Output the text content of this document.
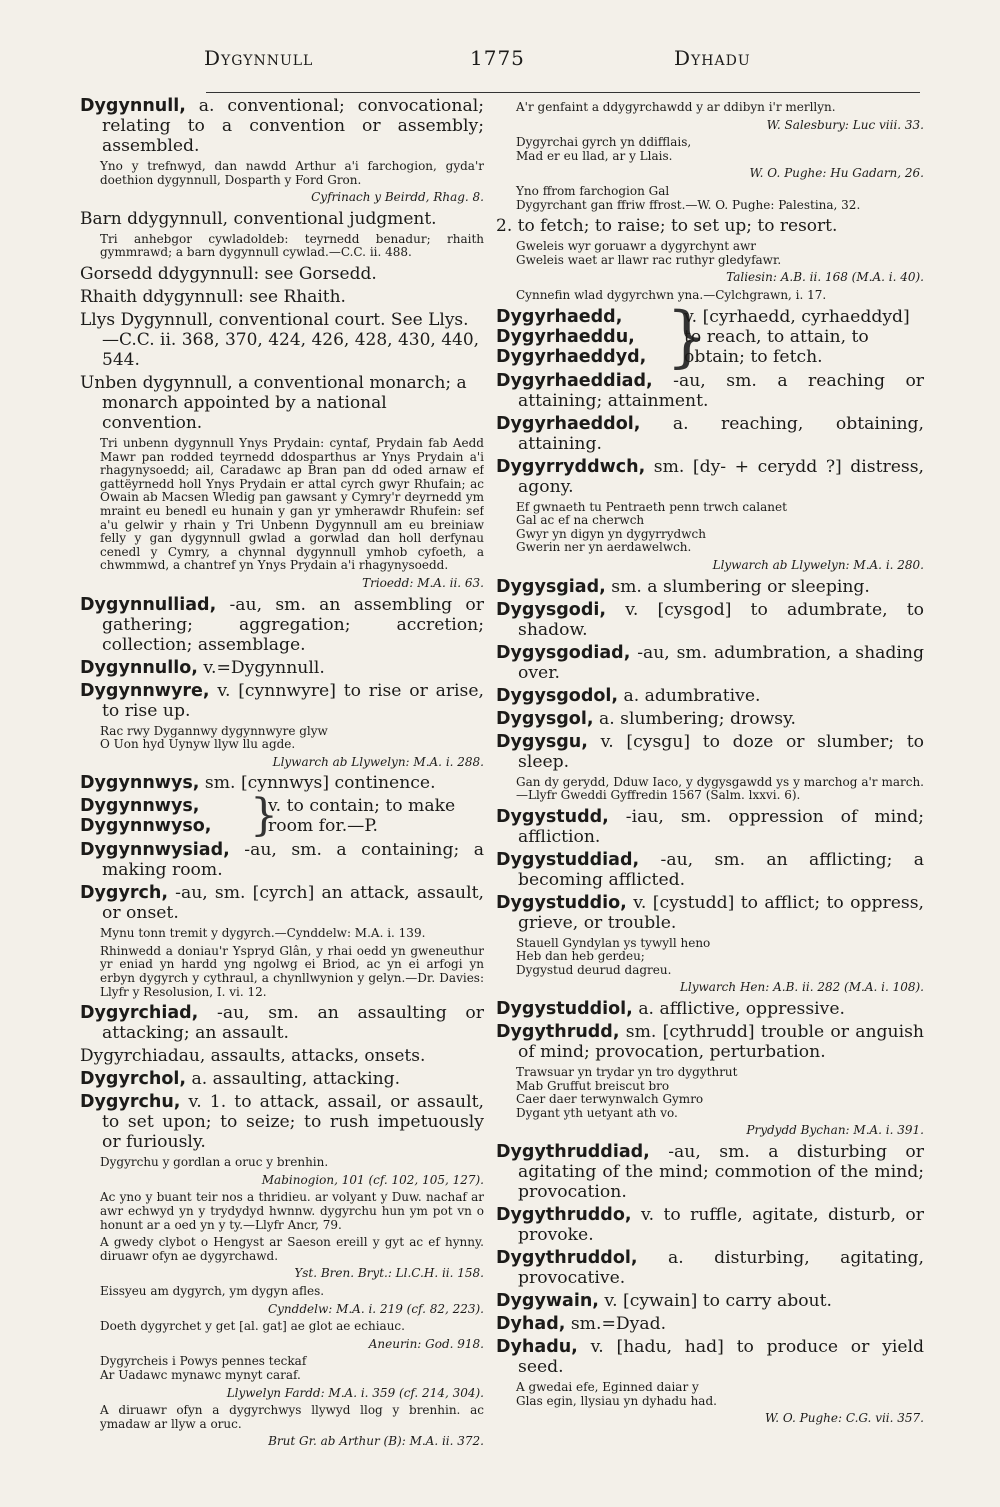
Dygynnull	1775	Dyhadu
Dygynnull, a. conventional; convocational; relating to a convention or assembly; assembled.
Yno y trefnwyd, dan nawdd Arthur a'i farchogion, gyda'r doethion dygynnull, Dosparth y Ford Gron.
Cyfrinach y Beirdd, Rhag. 8.
Barn ddygynnull, conventional judgment.
Tri anhebgor cywladoldeb: teyrnedd benadur; rhaith gymmrawd; a barn dygynnull cywlad.—C.C. ii. 488.
Gorsedd ddygynnull: see Gorsedd.
Rhaith ddygynnull: see Rhaith.
Llys Dygynnull, conventional court. See Llys. —C.C. ii. 368, 370, 424, 426, 428, 430, 440, 544.
Unben dygynnull, a conventional monarch; a monarch appointed by a national convention.
Tri unbenn dygynnull Ynys Prydain: cyntaf, Prydain fab Aedd Mawr pan rodded teyrnedd ddosparthus ar Ynys Prydain a'i rhagynysoedd; ail, Caradawc ap Bran pan dd oded arnaw ef gattëyrnedd holl Ynys Prydain er attal cyrch gwyr Rhufain; ac Owain ab Macsen Wledig pan gawsant y Cymry'r deyrnedd ym mraint eu benedl eu hunain y gan yr ymherawdr Rhufein: sef a'u gelwir y rhain y Tri Unbenn Dygynnull am eu breiniaw felly y gan dygynnull gwlad a gorwlad dan holl derfynau cenedl y Cymry, a chynnal dygynnull ymhob cyfoeth, a chwmmwd, a chantref yn Ynys Prydain a'i rhagynysoedd.
Trioedd: M.A. ii. 63.
Dygynnulliad, -au, sm. an assembling or gathering; aggregation; accretion; collection; assemblage.
Dygynnullo, v.=Dygynnull.
Dygynnwyre, v. [cynnwyre] to rise or arise, to rise up.
Rac rwy Dygannwy dygynnwyre glyw
O Uon hyd Uynyw llyw llu agde.
Llywarch ab Llywelyn: M.A. i. 288.
Dygynnwys, sm. [cynnwys] continence.
Dygynnwys,
Dygynnwyso, }
v. to contain; to make room for.—P.
Dygynnwysiad, -au, sm. a containing; a making room.
Dygyrch, -au, sm. [cyrch] an attack, assault, or onset.
Mynu tonn tremit y dygyrch.—Cynddelw: M.A. i. 139.
Rhinwedd a doniau'r Yspryd Glân, y rhai oedd yn gweneuthur yr eniad yn hardd yng ngolwg ei Briod, ac yn ei arfogi yn erbyn dygyrch y cythraul, a chynllwynion y gelyn.—Dr. Davies: Llyfr y Resolusion, I. vi. 12.
Dygyrchiad, -au, sm. an assaulting or attacking; an assault.
Dygyrchiadau, assaults, attacks, onsets.
Dygyrchol, a. assaulting, attacking.
Dygyrchu, v. 1. to attack, assail, or assault, to set upon; to seize; to rush impetuously or furiously.
Dygyrchu y gordlan a oruc y brenhin.
Mabinogion, 101 (cf. 102, 105, 127).
Ac yno y buant teir nos a thridieu. ar volyant y Duw. nachaf ar awr echwyd yn y trydydyd hwnnw. dygyrchu hun ym pot vn o honunt ar a oed yn y ty.—Llyfr Ancr, 79.
A gwedy clybot o Hengyst ar Saeson ereill y gyt ac ef hynny. diruawr ofyn ae dygyrchawd.
Yst. Bren. Bryt.: Ll.C.H. ii. 158.
Eissyeu am dygyrch, ym dygyn afles.
Cynddelw: M.A. i. 219 (cf. 82, 223).
Doeth dygyrchet y get [al. gat] ae glot ae echiauc.
Aneurin: God. 918.
Dygyrcheis i Powys pennes teckaf
Ar Uadawc mynawc mynyt caraf.
Llywelyn Fardd: M.A. i. 359 (cf. 214, 304).
A diruawr ofyn a dygyrchwys llywyd llog y brenhin. ac ymadaw ar llyw a oruc.
Brut Gr. ab Arthur (B): M.A. ii. 372.
A'r genfaint a ddygyrchawdd y ar ddibyn i'r merllyn.
W. Salesbury: Luc viii. 33.
Dygyrchai gyrch yn ddifflais,
Mad er eu llad, ar y Llais.
W. O. Pughe: Hu Gadarn, 26.
Yno ffrom farchogion Gal
Dygyrchant gan ffriw ffrost.—W. O. Pughe: Palestina, 32.
2. to fetch; to raise; to set up; to resort.
Gweleis wyr goruawr a dygyrchynt awr
Gweleis waet ar llawr rac ruthyr gledyfawr.
Taliesin: A.B. ii. 168 (M.A. i. 40).
Cynnefin wlad dygyrchwn yna.—Cylchgrawn, i. 17.
Dygyrhaedd,
Dygyrhaeddu,
Dygyrhaeddyd, }
v. [cyrhaedd, cyrhaeddyd] to reach, to attain, to obtain; to fetch.
Dygyrhaeddiad, -au, sm. a reaching or attaining; attainment.
Dygyrhaeddol, a. reaching, obtaining, attaining.
Dygyrryddwch, sm. [dy- + cerydd ?] distress, agony.
Ef gwnaeth tu Pentraeth penn trwch calanet
Gal ac ef na cherwch
Gwyr yn digyn yn dygyrrydwch
Gwerin ner yn aerdawelwch.
Llywarch ab Llywelyn: M.A. i. 280.
Dygysgiad, sm. a slumbering or sleeping.
Dygysgodi, v. [cysgod] to adumbrate, to shadow.
Dygysgodiad, -au, sm. adumbration, a shading over.
Dygysgodol, a. adumbrative.
Dygysgol, a. slumbering; drowsy.
Dygysgu, v. [cysgu] to doze or slumber; to sleep.
Gan dy gerydd, Dduw Iaco, y dygysgawdd ys y marchog a'r march.—Llyfr Gweddi Gyffredin 1567 (Salm. lxxvi. 6).
Dygystudd, -iau, sm. oppression of mind; affliction.
Dygystuddiad, -au, sm. an afflicting; a becoming afflicted.
Dygystuddio, v. [cystudd] to afflict; to oppress, grieve, or trouble.
Stauell Gyndylan ys tywyll heno
Heb dan heb gerdeu;
Dygystud deurud dagreu.
Llywarch Hen: A.B. ii. 282 (M.A. i. 108).
Dygystuddiol, a. afflictive, oppressive.
Dygythrudd, sm. [cythrudd] trouble or anguish of mind; provocation, perturbation.
Trawsuar yn trydar yn tro dygythrut
Mab Gruffut breiscut bro
Caer daer terwynwalch Gymro
Dygant yth uetyant ath vo.
Prydydd Bychan: M.A. i. 391.
Dygythruddiad, -au, sm. a disturbing or agitating of the mind; commotion of the mind; provocation.
Dygythruddo, v. to ruffle, agitate, disturb, or provoke.
Dygythruddol, a. disturbing, agitating, provocative.
Dygywain, v. [cywain] to carry about.
Dyhad, sm.=Dyad.
Dyhadu, v. [hadu, had] to produce or yield seed.
A gwedai efe, Eginned daiar y
Glas egin, llysiau yn dyhadu had.
W. O. Pughe: C.G. vii. 357.
